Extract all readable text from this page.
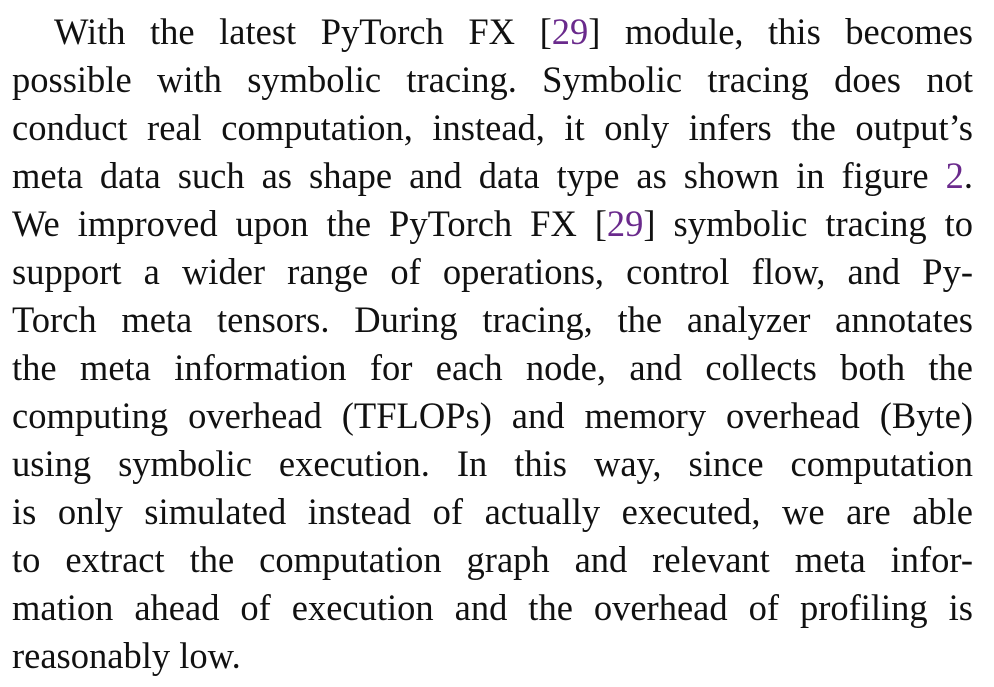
With the latest PyTorch FX [29] module, this becomes
possible with symbolic tracing. Symbolic tracing does not
conduct real computation, instead, it only infers the output’s
meta data such as shape and data type as shown in figure 2.
We improved upon the PyTorch FX [29] symbolic tracing to
support a wider range of operations, control flow, and Py-
Torch meta tensors. During tracing, the analyzer annotates
the meta information for each node, and collects both the
computing overhead (TFLOPs) and memory overhead (Byte)
using symbolic execution. In this way, since computation
is only simulated instead of actually executed, we are able
to extract the computation graph and relevant meta infor-
mation ahead of execution and the overhead of profiling is
reasonably low.
